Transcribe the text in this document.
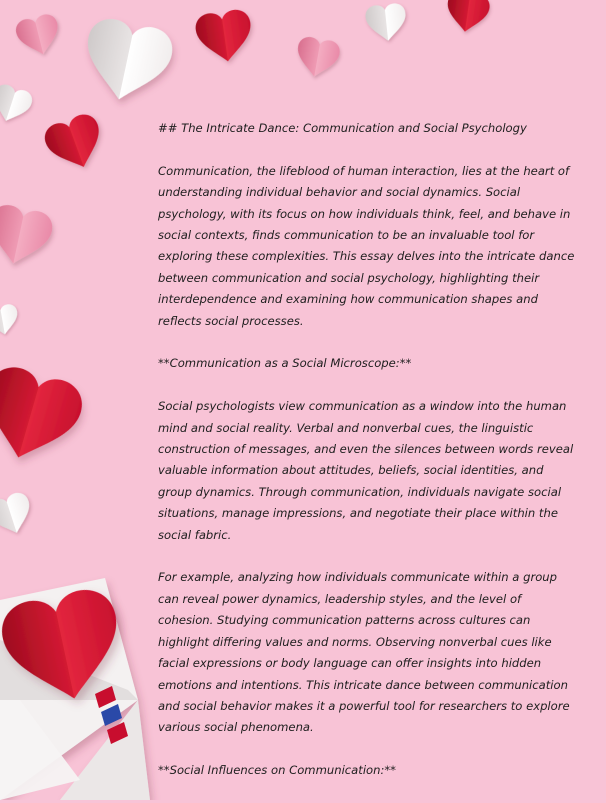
## The Intricate Dance: Communication and Social Psychology

Communication, the lifeblood of human interaction, lies at the heart of understanding individual behavior and social dynamics. Social psychology, with its focus on how individuals think, feel, and behave in social contexts, finds communication to be an invaluable tool for exploring these complexities. This essay delves into the intricate dance between communication and social psychology, highlighting their interdependence and examining how communication shapes and reflects social processes.

**Communication as a Social Microscope:**

Social psychologists view communication as a window into the human mind and social reality. Verbal and nonverbal cues, the linguistic construction of messages, and even the silences between words reveal valuable information about attitudes, beliefs, social identities, and group dynamics. Through communication, individuals navigate social situations, manage impressions, and negotiate their place within the social fabric.

For example, analyzing how individuals communicate within a group can reveal power dynamics, leadership styles, and the level of cohesion. Studying communication patterns across cultures can highlight differing values and norms. Observing nonverbal cues like facial expressions or body language can offer insights into hidden emotions and intentions. This intricate dance between communication and social behavior makes it a powerful tool for researchers to explore various social phenomena.

**Social Influences on Communication:**
